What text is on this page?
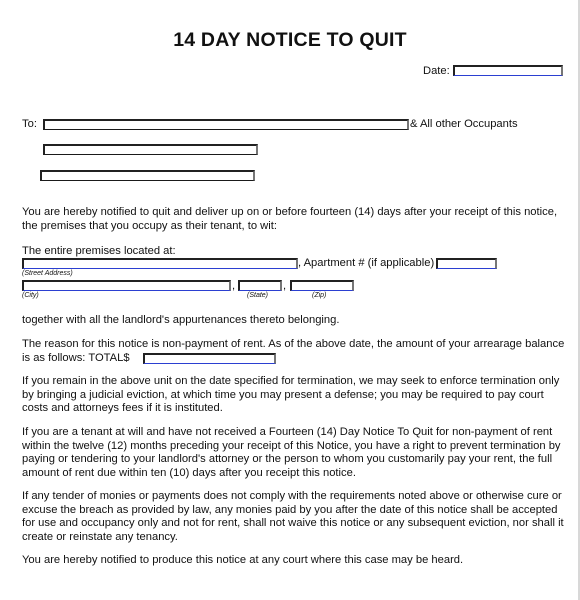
14 DAY NOTICE TO QUIT
Date:
To:	& All other Occupants

You are hereby notified to quit and deliver up on or before fourteen (14) days after your receipt of this notice,

the premises that you occupy as their tenant, to wit:

The entire premises located at:

, Apartment # (if applicable)
(Street Address)
,	,
(City)	(State)	(Zip)

together with all the landlord's appurtenances thereto belonging.

The reason for this notice is non-payment of rent. As of the above date, the amount of your arrearage balance

is as follows: TOTAL$

If you remain in the above unit on the date specified for termination, we may seek to enforce termination only

by bringing a judicial eviction, at which time you may present a defense; you may be required to pay court

costs and attorneys fees if it is instituted.

If you are a tenant at will and have not received a Fourteen (14) Day Notice To Quit for non-payment of rent

within the twelve (12) months preceding your receipt of this Notice, you have a right to prevent termination by

paying or tendering to your landlord's attorney or the person to whom you customarily pay your rent, the full

amount of rent due within ten (10) days after you receipt this notice.

If any tender of monies or payments does not comply with the requirements noted above or otherwise cure or

excuse the breach as provided by law, any monies paid by you after the date of this notice shall be accepted

for use and occupancy only and not for rent, shall not waive this notice or any subsequent eviction, nor shall it

create or reinstate any tenancy.

You are hereby notified to produce this notice at any court where this case may be heard.
